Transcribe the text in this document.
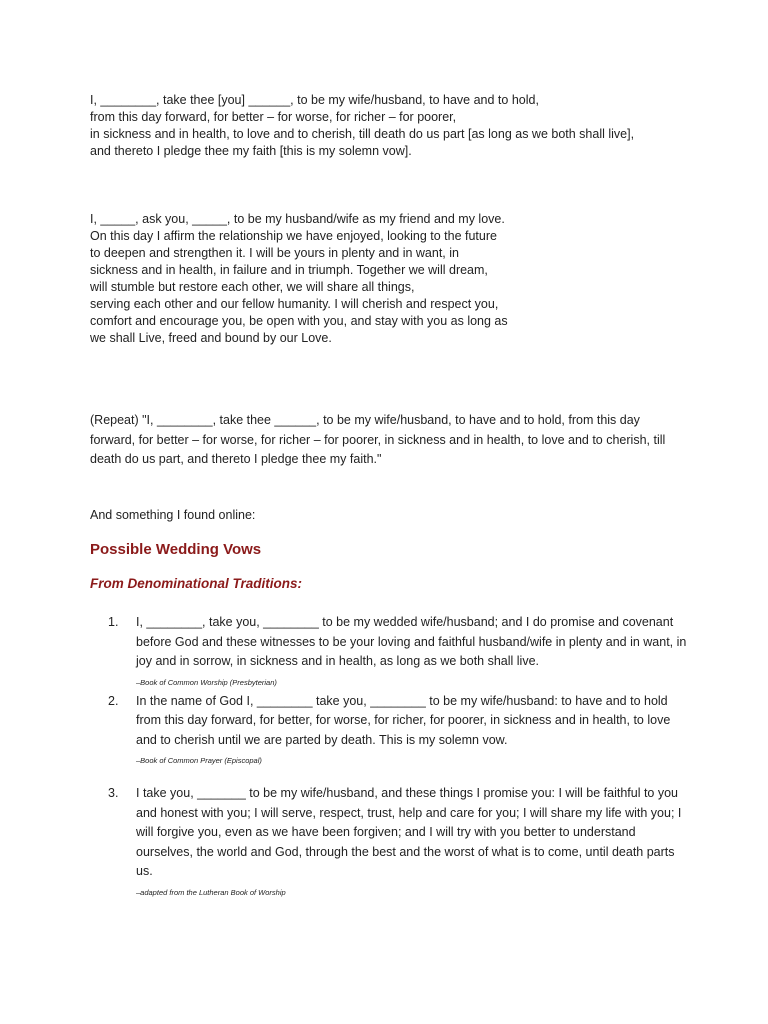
I, ________, take thee [you] ______, to be my wife/husband, to have and to hold,
from this day forward, for better – for worse, for richer – for poorer,
in sickness and in health, to love and to cherish, till death do us part [as long as we both shall live],
and thereto I pledge thee my faith [this is my solemn vow].

I, _____, ask you, _____, to be my husband/wife as my friend and my love.
On this day I affirm the relationship we have enjoyed, looking to the future
to deepen and strengthen it. I will be yours in plenty and in want, in
sickness and in health, in failure and in triumph. Together we will dream,
will stumble but restore each other, we will share all things,
serving each other and our fellow humanity. I will cherish and respect you,
comfort and encourage you, be open with you, and stay with you as long as
we shall Live, freed and bound by our Love.

(Repeat) "I, ________, take thee ______, to be my wife/husband, to have and to hold, from this day forward, for better – for worse, for richer – for poorer, in sickness and in health, to love and to cherish, till death do us part, and thereto I pledge thee my faith."

And something I found online:

Possible Wedding Vows
From Denominational Traditions:
1. I, ________, take you, ________ to be my wedded wife/husband; and I do promise and covenant before God and these witnesses to be your loving and faithful husband/wife in plenty and in want, in joy and in sorrow, in sickness and in health, as long as we both shall live.
–Book of Common Worship (Presbyterian)
2. In the name of God I, ________ take you, ________ to be my wife/husband: to have and to hold from this day forward, for better, for worse, for richer, for poorer, in sickness and in health, to love and to cherish until we are parted by death. This is my solemn vow.
–Book of Common Prayer (Episcopal)
3. I take you, _______ to be my wife/husband, and these things I promise you: I will be faithful to you and honest with you; I will serve, respect, trust, help and care for you; I will share my life with you; I will forgive you, even as we have been forgiven; and I will try with you better to understand ourselves, the world and God, through the best and the worst of what is to come, until death parts us.
–adapted from the Lutheran Book of Worship
